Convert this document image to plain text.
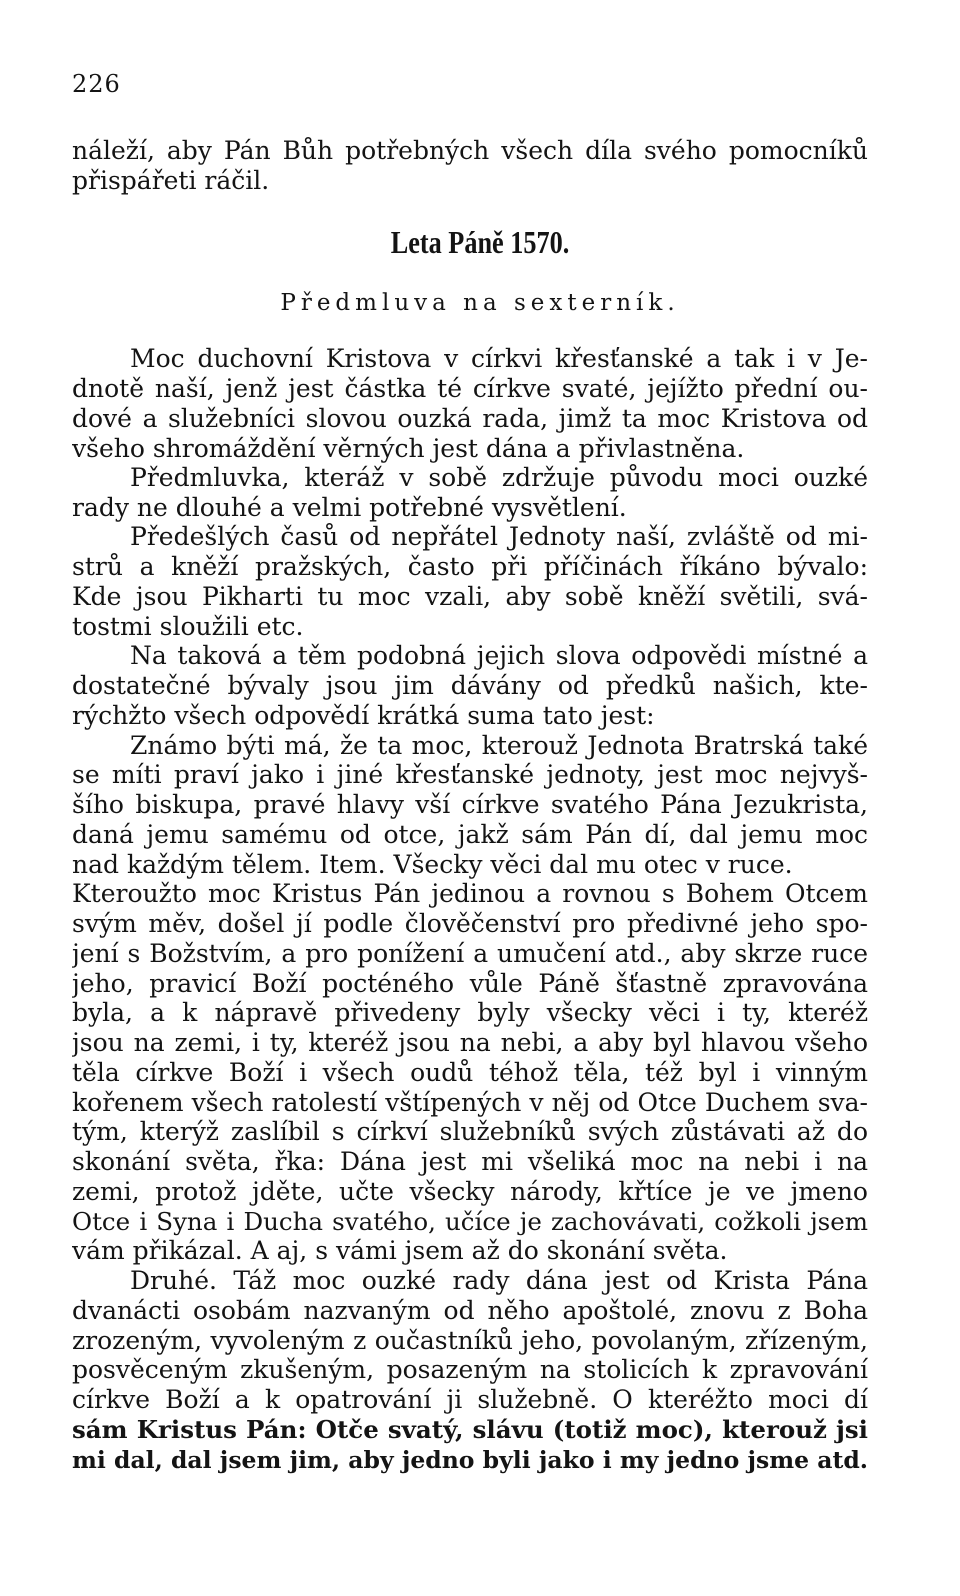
226
náleží, aby Pán Bůh potřebných všech díla svého pomocníků
přispářeti ráčil.
Leta Páně 1570.
Předmluva na sexterník.
Moc duchovní Kristova v církvi křesťanské a tak i v Je-
dnotě naší, jenž jest částka té církve svaté, jejížto přední ou-
dové a služebníci slovou ouzká rada, jimž ta moc Kristova od
všeho shromáždění věrných jest dána a přivlastněna.
Předmluvka, kteráž v sobě zdržuje původu moci ouzké
rady ne dlouhé a velmi potřebné vysvětlení.
Předešlých časů od nepřátel Jednoty naší, zvláště od mi-
strů a kněží pražských, často při příčinách říkáno bývalo:
Kde jsou Pikharti tu moc vzali, aby sobě kněží světili, svá-
tostmi sloužili etc.
Na taková a těm podobná jejich slova odpovědi místné a
dostatečné bývaly jsou jim dávány od předků našich, kte-
rýchžto všech odpovědí krátká suma tato jest:
Známo býti má, že ta moc, kterouž Jednota Bratrská také
se míti praví jako i jiné křesťanské jednoty, jest moc nejvyš-
šího biskupa, pravé hlavy vší církve svatého Pána Jezukrista,
daná jemu samému od otce, jakž sám Pán dí, dal jemu moc
nad každým tělem. Item. Všecky věci dal mu otec v ruce.
Kteroužto moc Kristus Pán jedinou a rovnou s Bohem Otcem
svým měv, došel jí podle člověčenství pro předivné jeho spo-
jení s Božstvím, a pro ponížení a umučení atd., aby skrze ruce
jeho, pravicí Boží pocténého vůle Páně šťastně zpravována
byla, a k nápravě přivedeny byly všecky věci i ty, kteréž
jsou na zemi, i ty, kteréž jsou na nebi, a aby byl hlavou všeho
těla církve Boží i všech oudů téhož těla, též byl i vinným
kořenem všech ratolestí vštípených v něj od Otce Duchem sva-
tým, kterýž zaslíbil s církví služebníků svých zůstávati až do
skonání světa, řka: Dána jest mi všeliká moc na nebi i na
zemi, protož jděte, učte všecky národy, křtíce je ve jmeno
Otce i Syna i Ducha svatého, učíce je zachovávati, cožkoli jsem
vám přikázal. A aj, s vámi jsem až do skonání světa.
Druhé. Táž moc ouzké rady dána jest od Krista Pána
dvanácti osobám nazvaným od něho apoštolé, znovu z Boha
zrozeným, vyvoleným z oučastníků jeho, povolaným, zřízeným,
posvěceným zkušeným, posazeným na stolicích k zpravování
církve Boží a k opatrování ji služebně. O kteréžto moci dí
sám Kristus Pán: Otče svatý, slávu (totiž moc), kterouž jsi
mi dal, dal jsem jim, aby jedno byli jako i my jedno jsme atd.
